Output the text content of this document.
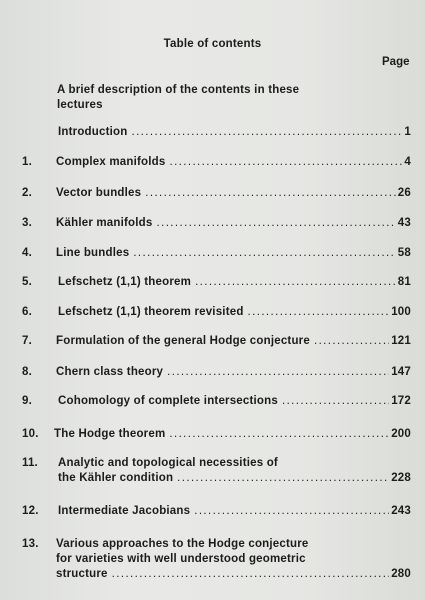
Table of contents
Page
A brief description of the contents in these
lectures
Introduction .....	1
1.	Complex manifolds .....	4
2.	Vector bundles .....	26
3.	Kähler manifolds .....	43
4.	Line bundles .....	58
5.	Lefschetz (1,1) theorem .....	81
6.	Lefschetz (1,1) theorem revisited .....	100
7.	Formulation of the general Hodge conjecture .....	121
8.	Chern class theory .....	147
9.	Cohomology of complete intersections .....	172
10.	The Hodge theorem .....	200
11.	Analytic and topological necessities of
the Kähler condition .....	228
12.	Intermediate Jacobians .....	243
13.	Various approaches to the Hodge conjecture
for varieties with well understood geometric
structure .....	280
